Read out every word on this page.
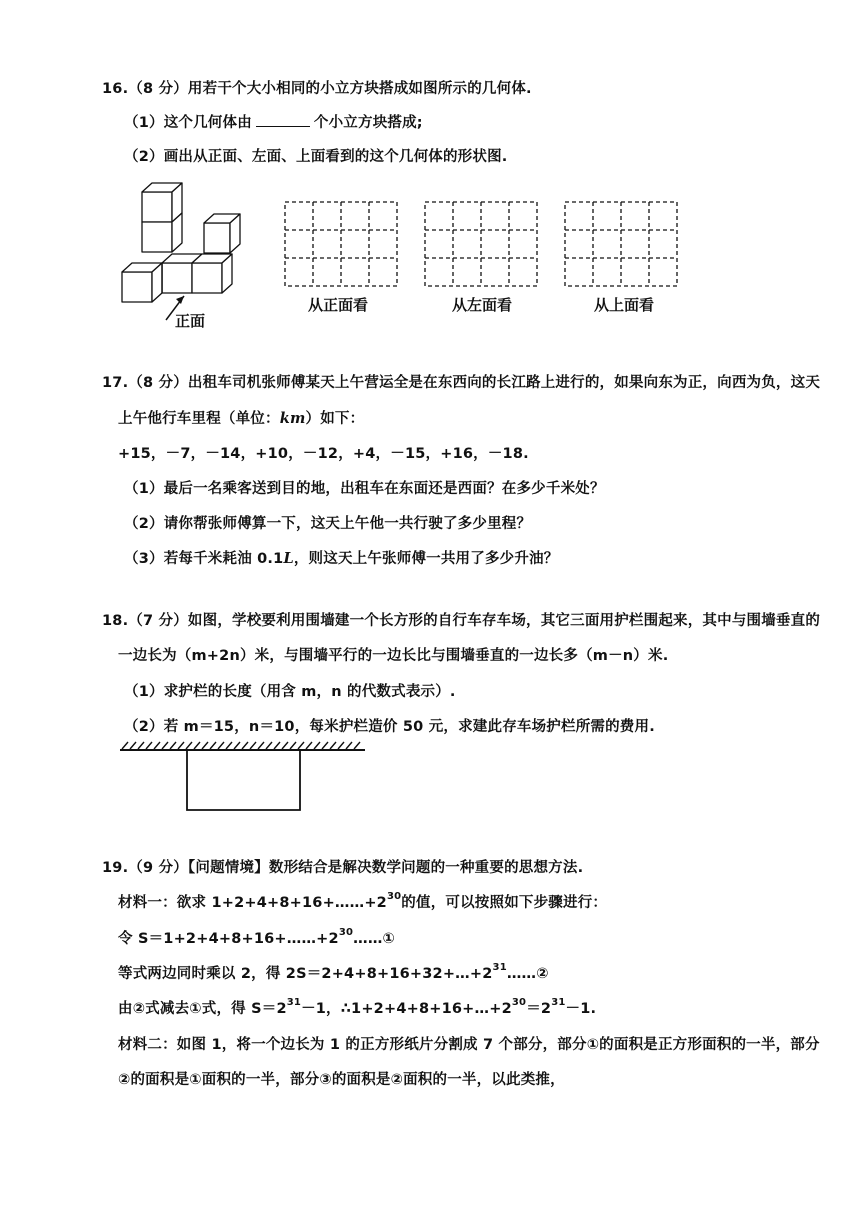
16.（8 分）用若干个大小相同的小立方块搭成如图所示的几何体.
（1）这个几何体由	个小立方块搭成;
（2）画出从正面、左面、上面看到的这个几何体的形状图.
正面
从正面看	从左面看	从上面看
17.（8 分）出租车司机张师傅某天上午营运全是在东西向的长江路上进行的，如果向东为正，向西为负，这天
上午他行车里程（单位：km）如下：
+15，－7，－14，+10，－12，+4，－15，+16，－18.
（1）最后一名乘客送到目的地，出租车在东面还是西面？在多少千米处？
（2）请你帮张师傅算一下，这天上午他一共行驶了多少里程？
（3）若每千米耗油 0.1L，则这天上午张师傅一共用了多少升油？
18.（7 分）如图，学校要利用围墙建一个长方形的自行车存车场，其它三面用护栏围起来，其中与围墙垂直的
一边长为（m+2n）米，与围墙平行的一边长比与围墙垂直的一边长多（m－n）米.
（1）求护栏的长度（用含 m，n 的代数式表示）.
（2）若 m＝15，n＝10，每米护栏造价 50 元，求建此存车场护栏所需的费用.
19.（9 分）【问题情境】数形结合是解决数学问题的一种重要的思想方法.
材料一：欲求 $1+2+4+8+16+\dots\dots+2^{30}$的值，可以按照如下步骤进行：
令 $S=1+2+4+8+16+\dots\dots+2^{30}\dots\dots ①$
等式两边同时乘以 2，得 $2S=2+4+8+16+32+\dots+2^{31}\dots\dots ②$
由②式减去①式，得 $S=2^{31}-1$，$\therefore 1+2+4+8+16+\dots+2^{30}=2^{31}-1$.
材料二：如图 1，将一个边长为 1 的正方形纸片分割成 7 个部分，部分①的面积是正方形面积的一半，部分
②的面积是①面积的一半，部分③的面积是②面积的一半，以此类推，
